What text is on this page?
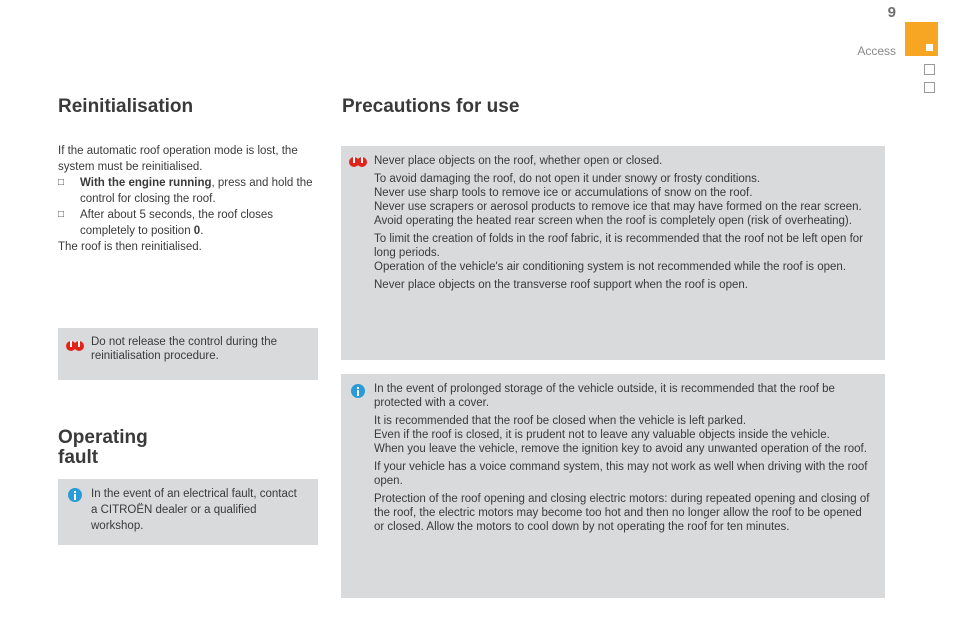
9
Access
Reinitialisation

If the automatic roof operation mode is lost, the system must be reinitialised.

□	With the engine running, press and hold the control for closing the roof.
□	After about 5 seconds, the roof closes completely to position 0.

The roof is then reinitialised.

Do not release the control during the reinitialisation procedure.

Operating
fault

In the event of an electrical fault, contact a CITROËN dealer or a qualified workshop.

Precautions for use

Never place objects on the roof, whether open or closed.

To avoid damaging the roof, do not open it under snowy or frosty conditions.

Never use sharp tools to remove ice or accumulations of snow on the roof.

Never use scrapers or aerosol products to remove ice that may have formed on the rear screen.

Avoid operating the heated rear screen when the roof is completely open (risk of overheating).

To limit the creation of folds in the roof fabric, it is recommended that the roof not be left open for long periods.

Operation of the vehicle's air conditioning system is not recommended while the roof is open.

Never place objects on the transverse roof support when the roof is open.

In the event of prolonged storage of the vehicle outside, it is recommended that the roof be protected with a cover.

It is recommended that the roof be closed when the vehicle is left parked.

Even if the roof is closed, it is prudent not to leave any valuable objects inside the vehicle.

When you leave the vehicle, remove the ignition key to avoid any unwanted operation of the roof.

If your vehicle has a voice command system, this may not work as well when driving with the roof open.

Protection of the roof opening and closing electric motors: during repeated opening and closing of the roof, the electric motors may become too hot and then no longer allow the roof to be opened or closed. Allow the motors to cool down by not operating the roof for ten minutes.
